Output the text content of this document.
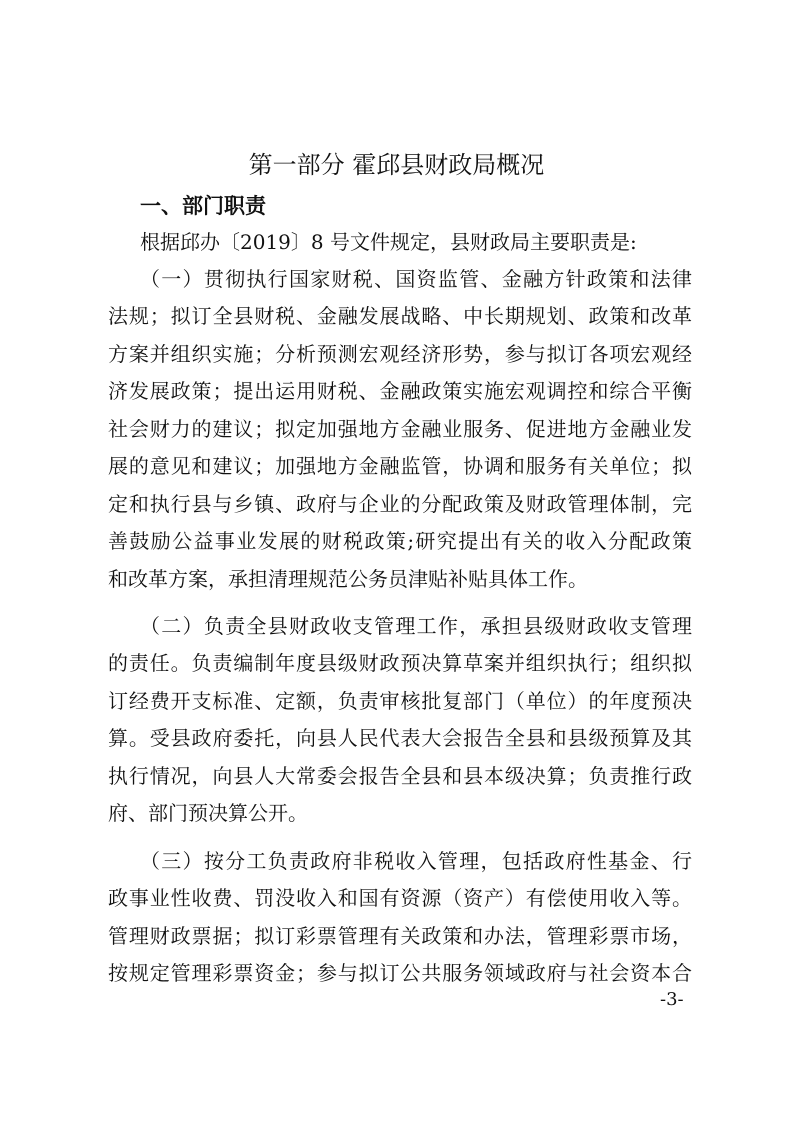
第一部分 霍邱县财政局概况
一、部门职责
根据邱办〔2019〕8 号文件规定，县财政局主要职责是:
（一）贯彻执行国家财税、国资监管、金融方针政策和法律
法规；拟订全县财税、金融发展战略、中长期规划、政策和改革
方案并组织实施；分析预测宏观经济形势，参与拟订各项宏观经
济发展政策；提出运用财税、金融政策实施宏观调控和综合平衡
社会财力的建议；拟定加强地方金融业服务、促进地方金融业发
展的意见和建议；加强地方金融监管，协调和服务有关单位；拟
定和执行县与乡镇、政府与企业的分配政策及财政管理体制，完
善鼓励公益事业发展的财税政策;研究提出有关的收入分配政策
和改革方案，承担清理规范公务员津贴补贴具体工作。
（二）负责全县财政收支管理工作，承担县级财政收支管理
的责任。负责编制年度县级财政预决算草案并组织执行；组织拟
订经费开支标准、定额，负责审核批复部门（单位）的年度预决
算。受县政府委托，向县人民代表大会报告全县和县级预算及其
执行情况，向县人大常委会报告全县和县本级决算；负责推行政
府、部门预决算公开。
（三）按分工负责政府非税收入管理，包括政府性基金、行
政事业性收费、罚没收入和国有资源（资产）有偿使用收入等。
管理财政票据；拟订彩票管理有关政策和办法，管理彩票市场，
按规定管理彩票资金；参与拟订公共服务领域政府与社会资本合
-3-
